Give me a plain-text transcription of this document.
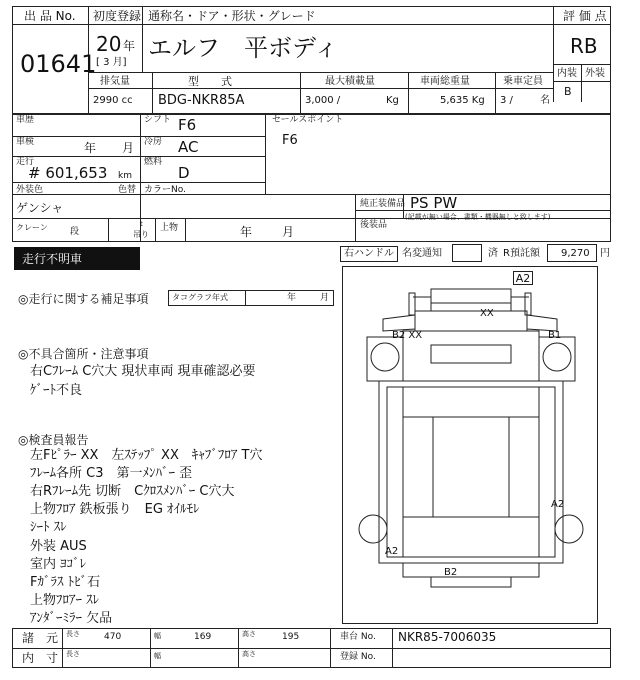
出 品 No.
01641
初度登録
20 年
[ 3 月]
通称名・ドア・形状・グレード
エルフ　平ボディ
評 価 点
RB
内装 外装
B
排気量
2990 cc
型　　式
BDG-NKR85A
最大積載量
3,000 /	Kg
車両総重量
5,635 Kg
乗車定員
3 /	名
車歴
車検	年 月
走行
# 601,653 km
シフト F6
冷房 AC
燃料
D
セールスポイント
F6
外装色
ゲンシャ
色替 カラーNo.
純正装備品 PS PW
後装品
(記載が無い場合、書類・機器無しと致します)
クレーン 段
t
吊り
上物	年 月
走行不明車	右ハンドル 名変通知	済 R預託額 9,270 円
◎走行に関する補足事項	タコグラフ年式	年	月
◎不具合箇所・注意事項
右Cﾌﾚｰﾑ C穴大 現状車両 現車確認必要
ｹﾞｰﾄ不良
◎検査員報告
左Fﾋﾟﾗｰ XX　左ｽﾃｯﾌﾟ XX　ｷｬﾌﾞﾌﾛｱ T穴
ﾌﾚｰﾑ各所 C3　第一ﾒﾝﾊﾞｰ 歪
右Rﾌﾚｰﾑ先 切断　Cｸﾛｽﾒﾝﾊﾞｰ C穴大
上物ﾌﾛｱ 鉄板張り　EG ｵｲﾙﾓﾚ
ｼｰﾄ ｽﾚ
外装 AUS
室内 ﾖｺﾞﾚ
Fｶﾞﾗｽ ﾄﾋﾞ石
上物ﾌﾛｱｰ ｽﾚ
ｱﾝﾀﾞｰﾐﾗｰ 欠品
A2
XX
B2 XX	B1
A2
A2
B2
諸　元 長さ	470	幅	169	高さ	195	車台 No. NKR85-7006035
内　寸 長さ	幅	高さ	登録 No.
